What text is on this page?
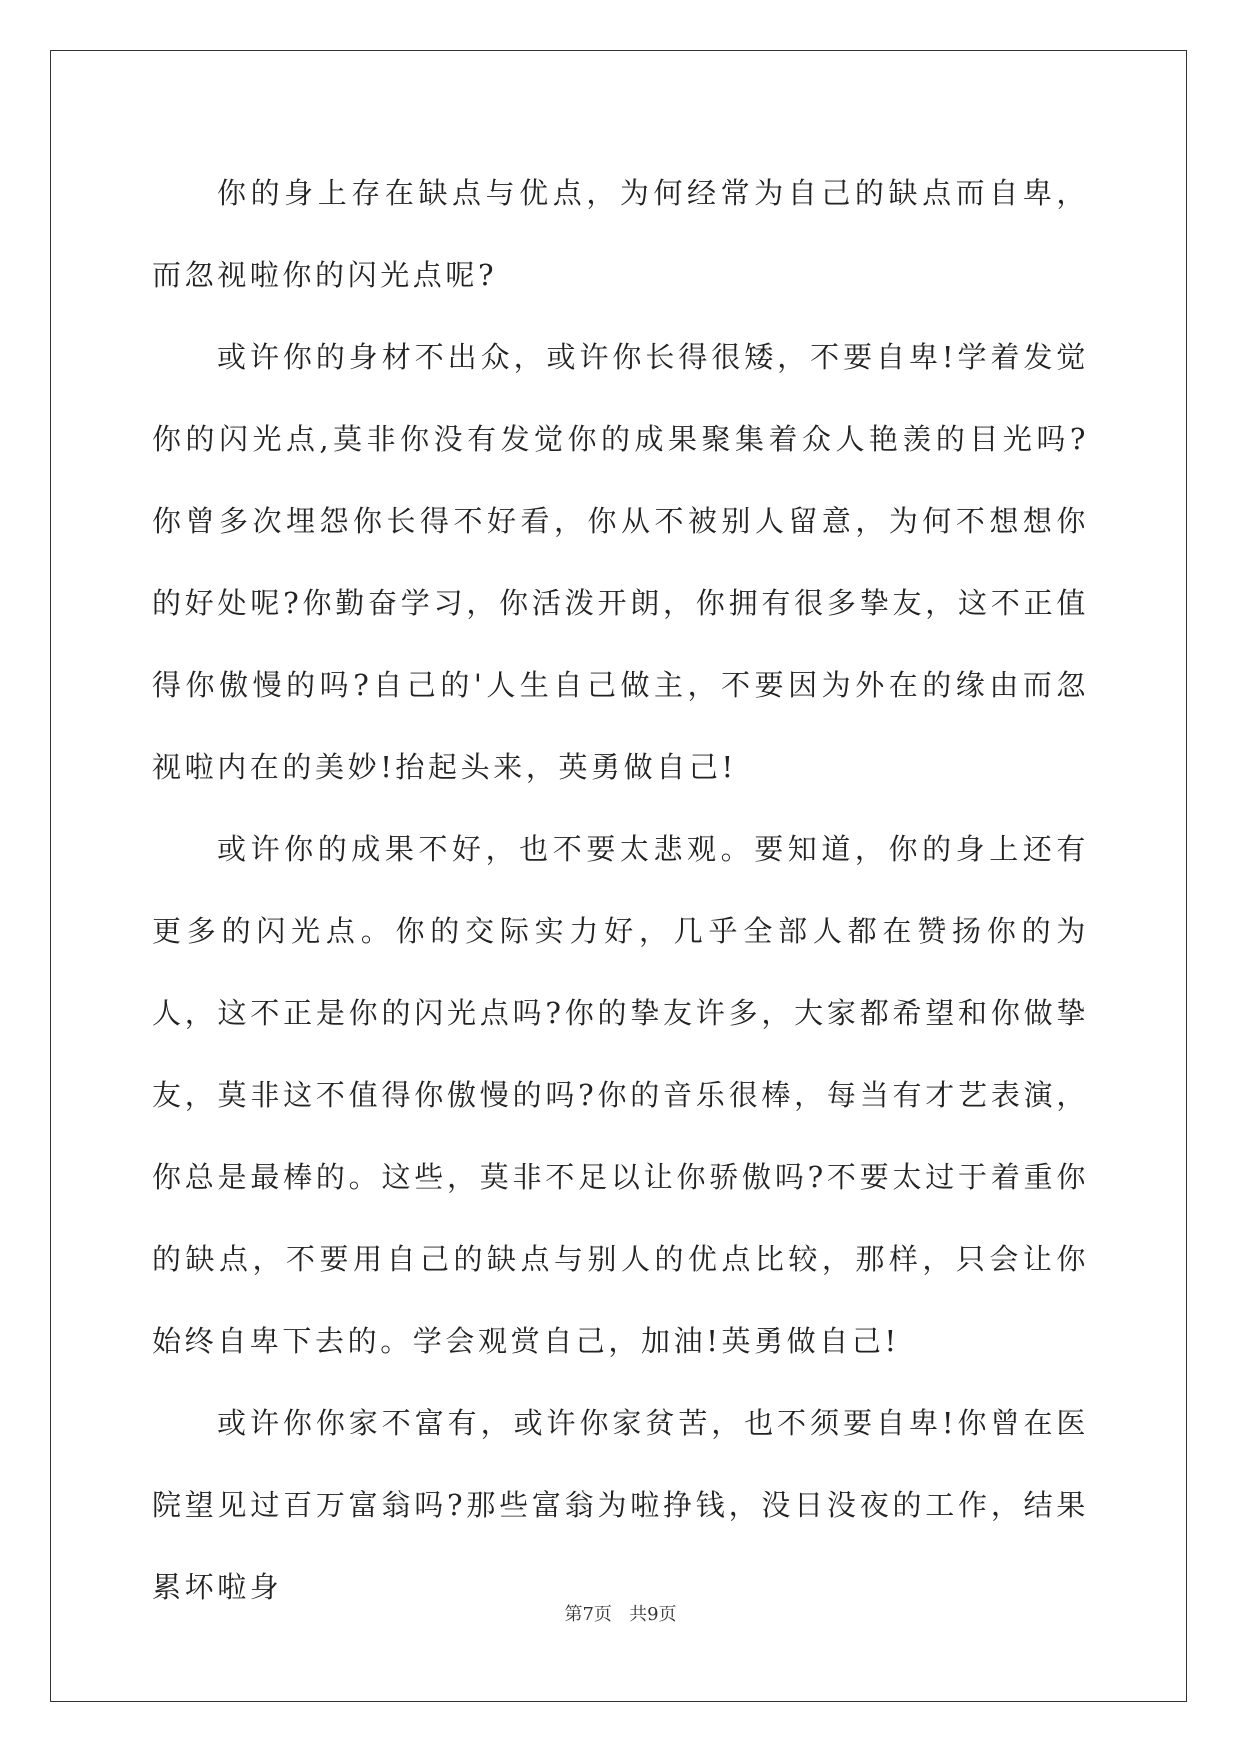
你的身上存在缺点与优点，为何经常为自己的缺点而自卑，而忽视啦你的闪光点呢?

或许你的身材不出众，或许你长得很矮，不要自卑!学着发觉你的闪光点,莫非你没有发觉你的成果聚集着众人艳羡的目光吗?你曾多次埋怨你长得不好看，你从不被别人留意，为何不想想你的好处呢?你勤奋学习，你活泼开朗，你拥有很多挚友，这不正值得你傲慢的吗?自己的'人生自己做主，不要因为外在的缘由而忽视啦内在的美妙!抬起头来，英勇做自己!

或许你的成果不好，也不要太悲观。要知道，你的身上还有更多的闪光点。你的交际实力好，几乎全部人都在赞扬你的为人，这不正是你的闪光点吗?你的挚友许多，大家都希望和你做挚友，莫非这不值得你傲慢的吗?你的音乐很棒，每当有才艺表演，你总是最棒的。这些，莫非不足以让你骄傲吗?不要太过于着重你的缺点，不要用自己的缺点与别人的优点比较，那样，只会让你始终自卑下去的。学会观赏自己，加油!英勇做自己!

或许你你家不富有，或许你家贫苦，也不须要自卑!你曾在医院望见过百万富翁吗?那些富翁为啦挣钱，没日没夜的工作，结果累坏啦身

第7页 共9页
